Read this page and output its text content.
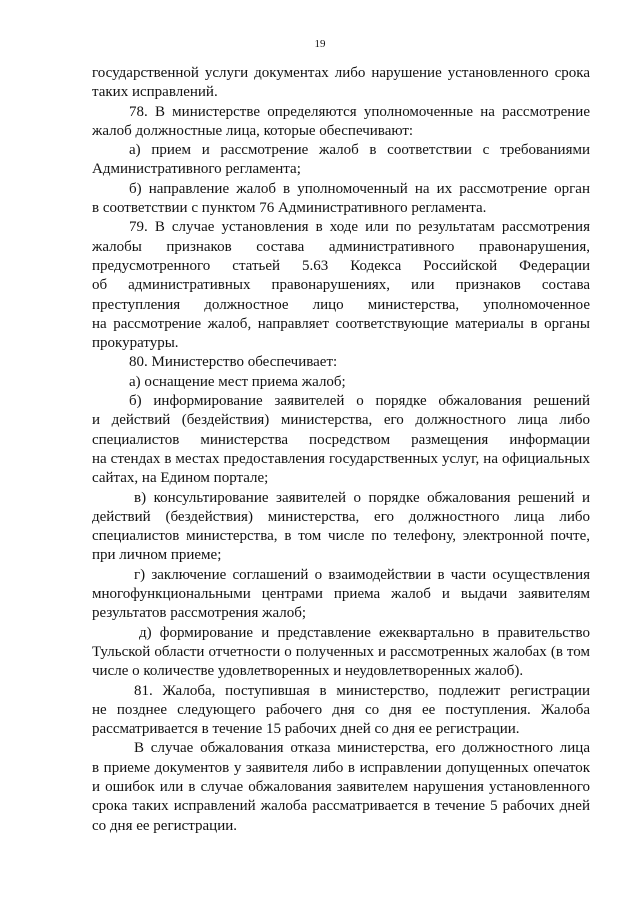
19
государственной услуги документах либо нарушение установленного срока
таких исправлений.
78. В министерстве определяются уполномоченные на рассмотрение
жалоб должностные лица, которые обеспечивают:
а) прием и рассмотрение жалоб в соответствии с требованиями
Административного регламента;
б) направление жалоб в уполномоченный на их рассмотрение орган
в соответствии с пунктом 76 Административного регламента.
79. В случае установления в ходе или по результатам рассмотрения
жалобы признаков состава административного правонарушения,
предусмотренного статьей 5.63 Кодекса Российской Федерации
об административных правонарушениях, или признаков состава
преступления должностное лицо министерства, уполномоченное
на рассмотрение жалоб, направляет соответствующие материалы в органы
прокуратуры.
80. Министерство обеспечивает:
а) оснащение мест приема жалоб;
б) информирование заявителей о порядке обжалования решений
и действий (бездействия) министерства, его должностного лица либо
специалистов министерства посредством размещения информации
на стендах в местах предоставления государственных услуг, на официальных
сайтах, на Едином портале;
в) консультирование заявителей о порядке обжалования решений и
действий (бездействия) министерства, его должностного лица либо
специалистов министерства, в том числе по телефону, электронной почте,
при личном приеме;
г) заключение соглашений о взаимодействии в части осуществления
многофункциональными центрами приема жалоб и выдачи заявителям
результатов рассмотрения жалоб;
д) формирование и представление ежеквартально в правительство
Тульской области отчетности о полученных и рассмотренных жалобах (в том
числе о количестве удовлетворенных и неудовлетворенных жалоб).
81. Жалоба, поступившая в министерство, подлежит регистрации
не позднее следующего рабочего дня со дня ее поступления. Жалоба
рассматривается в течение 15 рабочих дней со дня ее регистрации.
В случае обжалования отказа министерства, его должностного лица
в приеме документов у заявителя либо в исправлении допущенных опечаток
и ошибок или в случае обжалования заявителем нарушения установленного
срока таких исправлений жалоба рассматривается в течение 5 рабочих дней
со дня ее регистрации.
